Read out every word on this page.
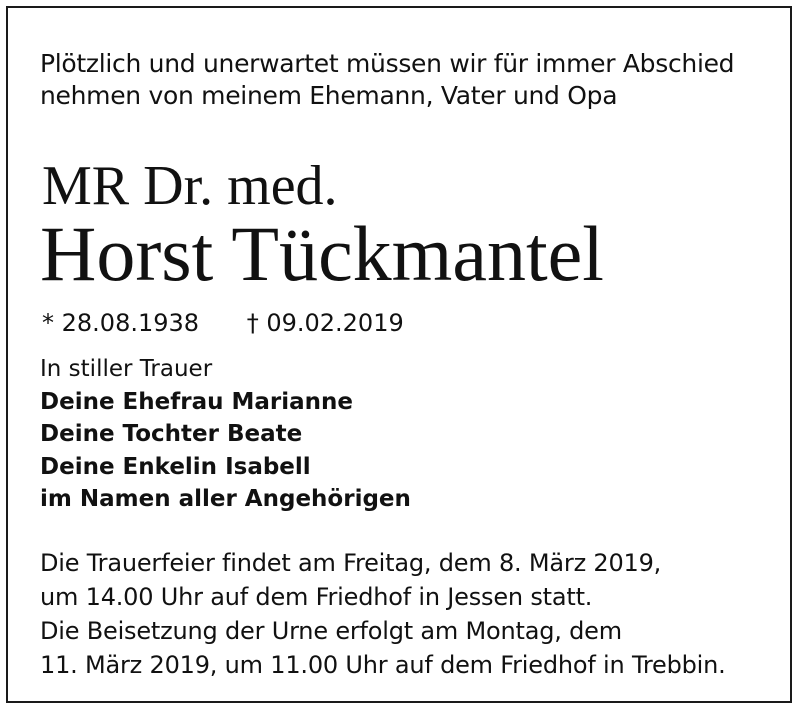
Plötzlich und unerwartet müssen wir für immer Abschied
nehmen von meinem Ehemann, Vater und Opa
MR Dr. med.
Horst Tückmantel
* 28.08.1938 † 09.02.2019
In stiller Trauer
Deine Ehefrau Marianne
Deine Tochter Beate
Deine Enkelin Isabell
im Namen aller Angehörigen
Die Trauerfeier findet am Freitag, dem 8. März 2019,
um 14.00 Uhr auf dem Friedhof in Jessen statt.
Die Beisetzung der Urne erfolgt am Montag, dem
11. März 2019, um 11.00 Uhr auf dem Friedhof in Trebbin.
